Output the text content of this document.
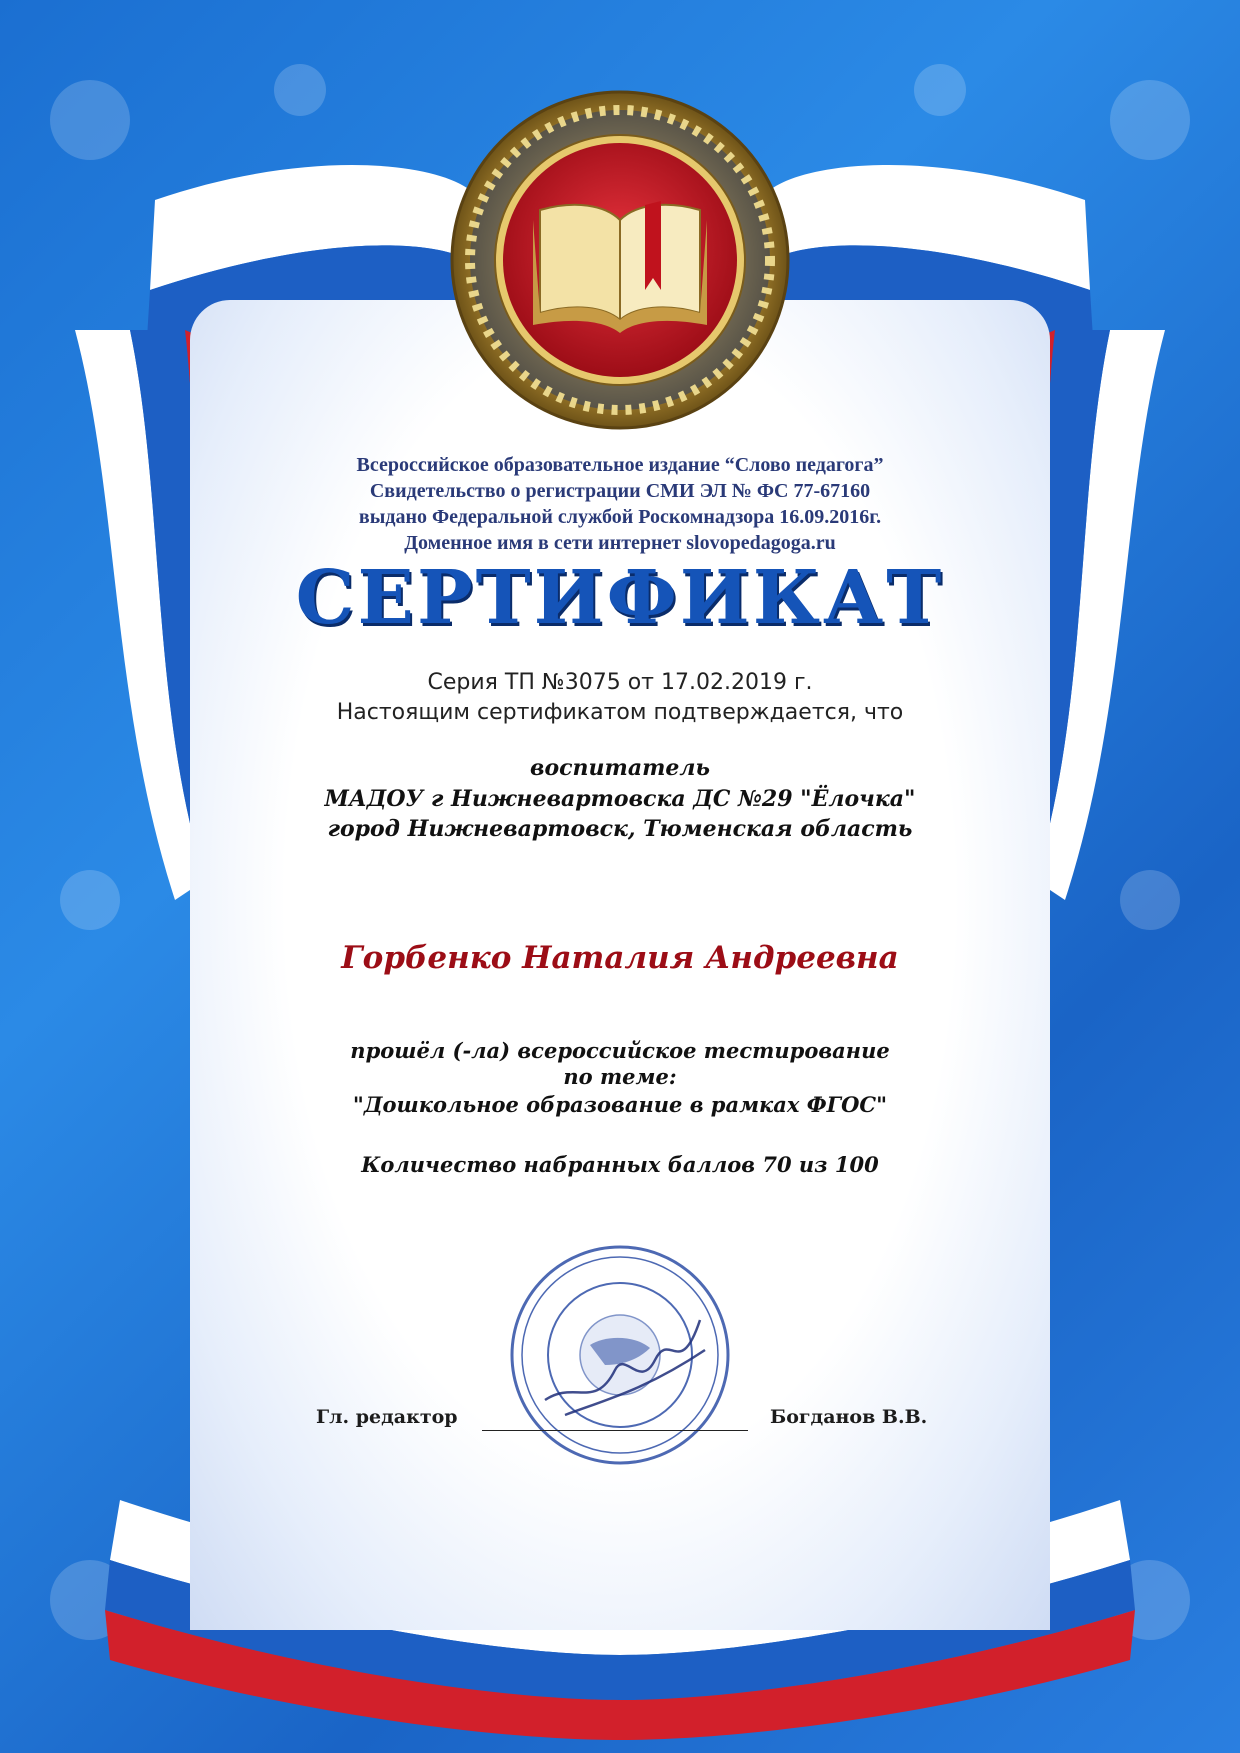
Всероссийское образовательное издание “Слово педагога”
Свидетельство о регистрации СМИ ЭЛ № ФС 77-67160
выдано Федеральной службой Роскомнадзора 16.09.2016г.
Доменное имя в сети интернет slovopedagoga.ru
СЕРТИФИКАТ
Серия ТП №3075 от 17.02.2019 г.
Настоящим сертификатом подтверждается, что
воспитатель
МАДОУ г Нижневартовска ДС №29 "Ёлочка"
город Нижневартовск, Тюменская область
Горбенко Наталия Андреевна
прошёл (-ла) всероссийское тестирование
по теме:
"Дошкольное образование в рамках ФГОС"
Количество набранных баллов 70 из 100
Гл. редактор	Богданов В.В.
